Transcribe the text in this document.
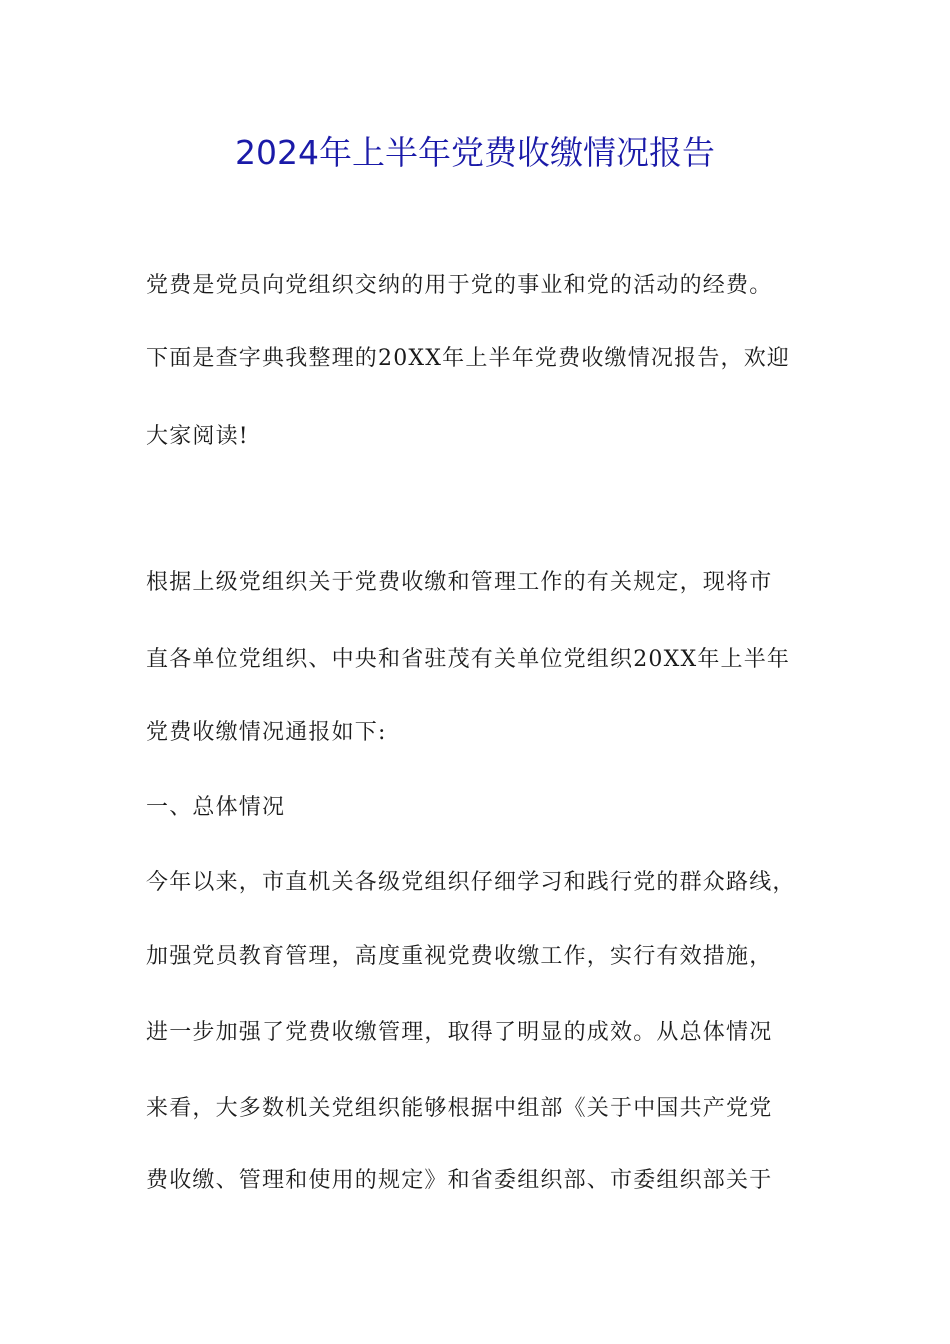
2024年上半年党费收缴情况报告
党费是党员向党组织交纳的用于党的事业和党的活动的经费。
下面是查字典我整理的20XX年上半年党费收缴情况报告，欢迎
大家阅读!
根据上级党组织关于党费收缴和管理工作的有关规定，现将市
直各单位党组织、中央和省驻茂有关单位党组织20XX年上半年
党费收缴情况通报如下:
一、总体情况
今年以来，市直机关各级党组织仔细学习和践行党的群众路线，
加强党员教育管理，高度重视党费收缴工作，实行有效措施，
进一步加强了党费收缴管理，取得了明显的成效。从总体情况
来看，大多数机关党组织能够根据中组部《关于中国共产党党
费收缴、管理和使用的规定》和省委组织部、市委组织部关于
